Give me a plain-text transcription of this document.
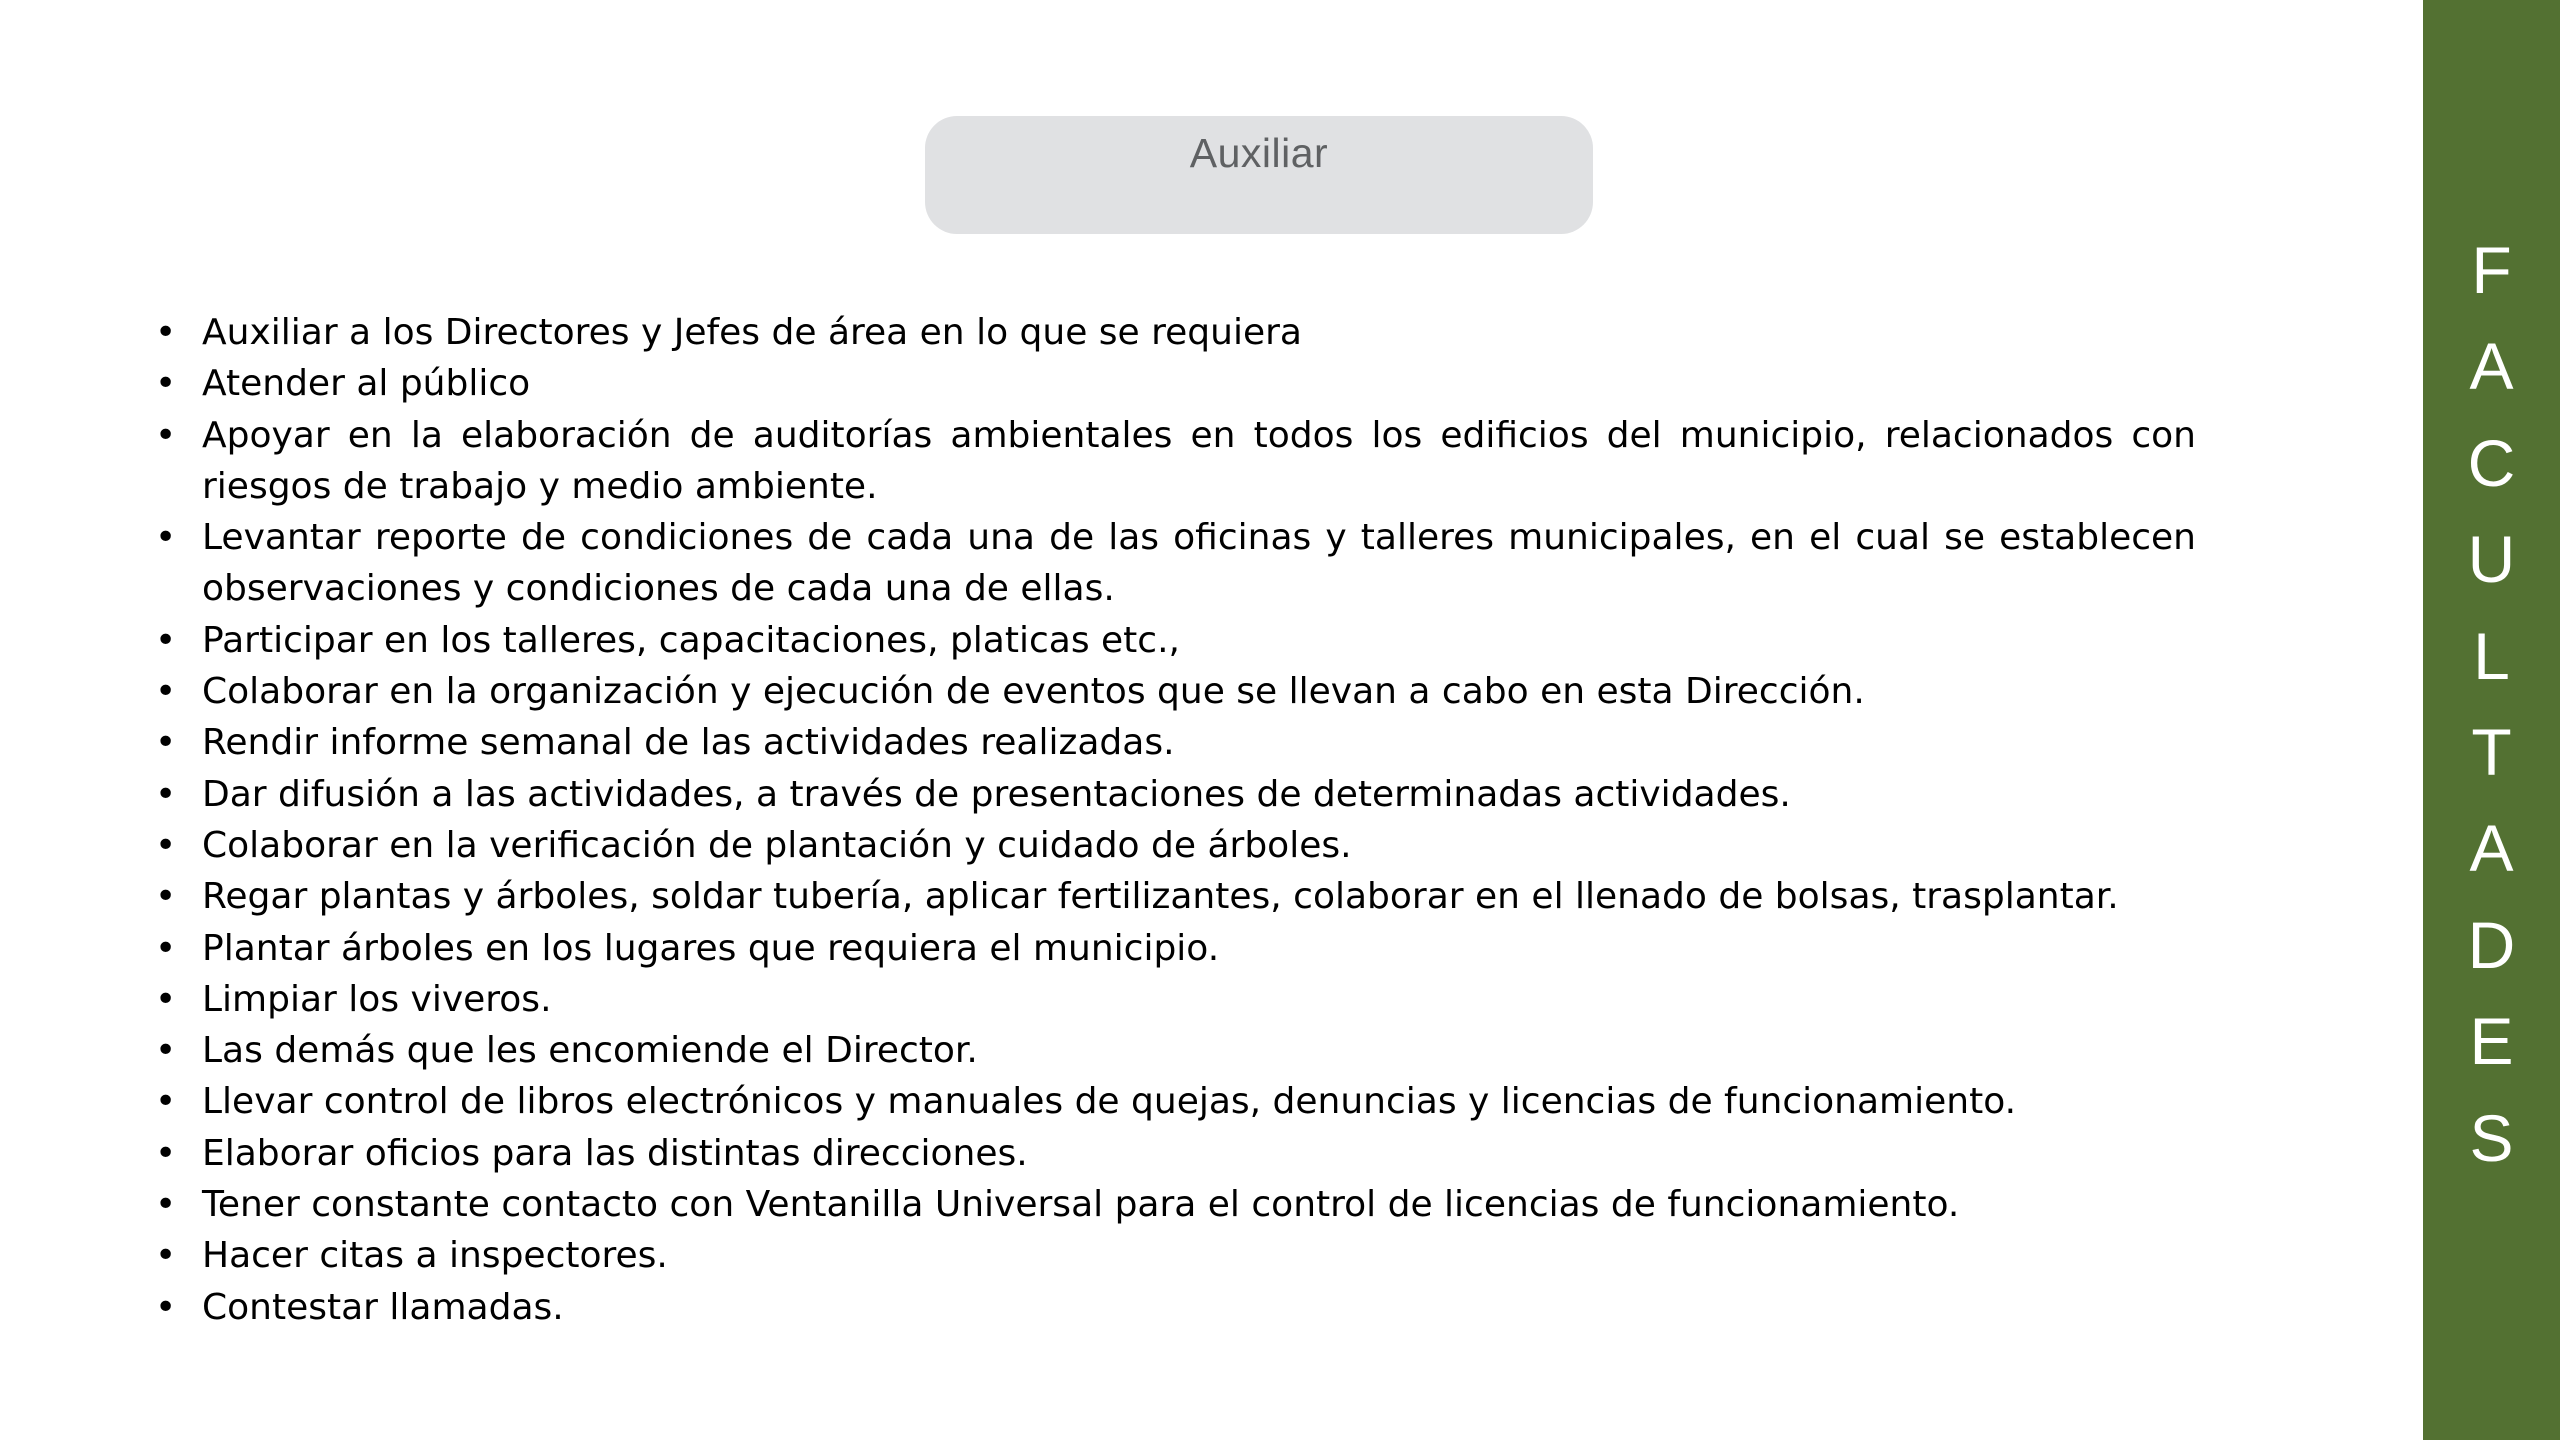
Auxiliar
• Auxiliar a los Directores y Jefes de área en lo que se requiera
• Atender al público
• Apoyar en la elaboración de auditorías ambientales en todos los edificios del municipio, relacionados con riesgos de trabajo y medio ambiente.
• Levantar reporte de condiciones de cada una de las oficinas y talleres municipales, en el cual se establecen observaciones y condiciones de cada una de ellas.
• Participar en los talleres, capacitaciones, platicas etc.,
• Colaborar en la organización y ejecución de eventos que se llevan a cabo en esta Dirección.
• Rendir informe semanal de las actividades realizadas.
• Dar difusión a las actividades, a través de presentaciones de determinadas actividades.
• Colaborar en la verificación de plantación y cuidado de árboles.
• Regar plantas y árboles, soldar tubería, aplicar fertilizantes, colaborar en el llenado de bolsas, trasplantar.
• Plantar árboles en los lugares que requiera el municipio.
• Limpiar los viveros.
• Las demás que les encomiende el Director.
• Llevar control de libros electrónicos y manuales de quejas, denuncias y licencias de funcionamiento.
• Elaborar oficios para las distintas direcciones.
• Tener constante contacto con Ventanilla Universal para el control de licencias de funcionamiento.
• Hacer citas a inspectores.
• Contestar llamadas.
F
A
C
U
L
T
A
D
E
S
